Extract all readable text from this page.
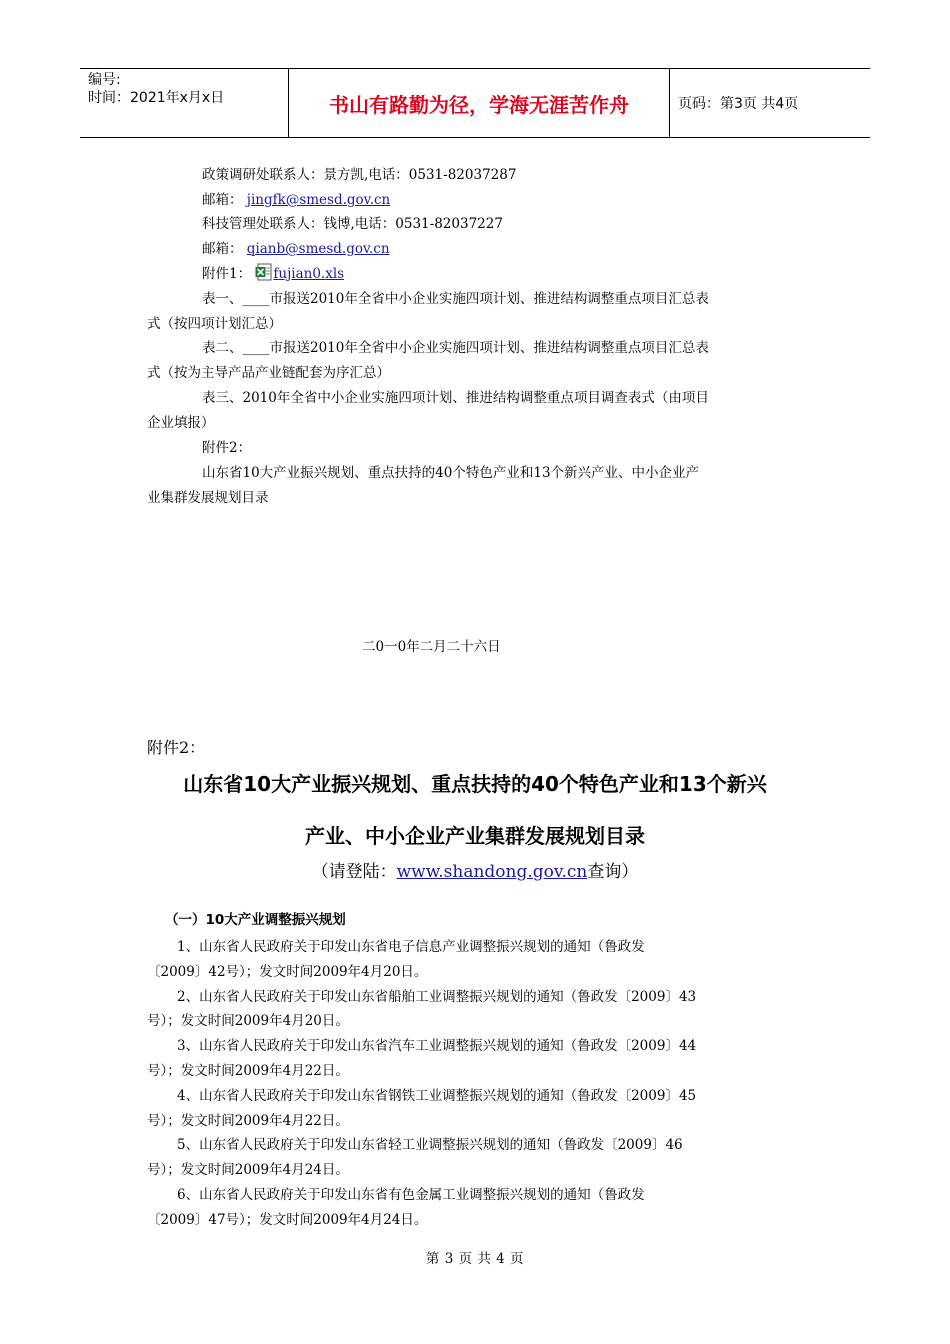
编号:
时间：2021年x月x日	书山有路勤为径，学海无涯苦作舟	页码：第3页 共4页
政策调研处联系人：景方凯,电话：0531-82037287
邮箱： jingfk@smesd.gov.cn
科技管理处联系人：钱博,电话：0531-82037227
邮箱： qianb@smesd.gov.cn
附件1： fujian0.xls
表一、____市报送2010年全省中小企业实施四项计划、推进结构调整重点项目汇总表
式（按四项计划汇总）
表二、____市报送2010年全省中小企业实施四项计划、推进结构调整重点项目汇总表
式（按为主导产品产业链配套为序汇总）
表三、2010年全省中小企业实施四项计划、推进结构调整重点项目调查表式（由项目
企业填报）
附件2：
山东省10大产业振兴规划、重点扶持的40个特色产业和13个新兴产业、中小企业产
业集群发展规划目录
二0一0年二月二十六日
附件2：
山东省10大产业振兴规划、重点扶持的40个特色产业和13个新兴
产业、中小企业产业集群发展规划目录
（请登陆：www.shandong.gov.cn查询）
（一）10大产业调整振兴规划
1、山东省人民政府关于印发山东省电子信息产业调整振兴规划的通知（鲁政发
〔2009〕42号）；发文时间2009年4月20日。
2、山东省人民政府关于印发山东省船舶工业调整振兴规划的通知（鲁政发〔2009〕43
号）；发文时间2009年4月20日。
3、山东省人民政府关于印发山东省汽车工业调整振兴规划的通知（鲁政发〔2009〕44
号）；发文时间2009年4月22日。
4、山东省人民政府关于印发山东省钢铁工业调整振兴规划的通知（鲁政发〔2009〕45
号）；发文时间2009年4月22日。
5、山东省人民政府关于印发山东省轻工业调整振兴规划的通知（鲁政发〔2009〕46
号）；发文时间2009年4月24日。
6、山东省人民政府关于印发山东省有色金属工业调整振兴规划的通知（鲁政发
〔2009〕47号）；发文时间2009年4月24日。
第 3 页 共 4 页
